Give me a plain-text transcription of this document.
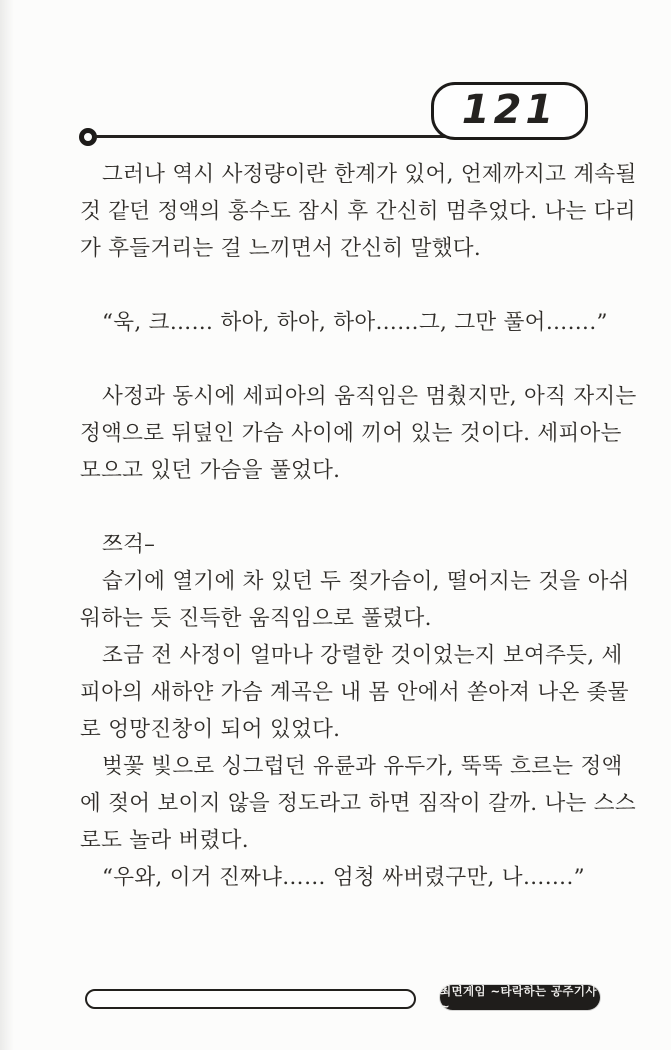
121

그러나 역시 사정량이란 한계가 있어, 언제까지고 계속될

것 같던 정액의 홍수도 잠시 후 간신히 멈추었다. 나는 다리

가 후들거리는 걸 느끼면서 간신히 말했다.

“욱, 크…… 하아, 하아, 하아……그, 그만 풀어…….”

사정과 동시에 세피아의 움직임은 멈췄지만, 아직 자지는

정액으로 뒤덮인 가슴 사이에 끼어 있는 것이다. 세피아는

모으고 있던 가슴을 풀었다.

쯔걱–

습기에 열기에 차 있던 두 젖가슴이, 떨어지는 것을 아쉬

워하는 듯 진득한 움직임으로 풀렸다.

조금 전 사정이 얼마나 강렬한 것이었는지 보여주듯, 세

피아의 새하얀 가슴 계곡은 내 몸 안에서 쏟아져 나온 좆물

로 엉망진창이 되어 있었다.

벚꽃 빛으로 싱그럽던 유륜과 유두가, 뚝뚝 흐르는 정액

에 젖어 보이지 않을 정도라고 하면 짐작이 갈까. 나는 스스

로도 놀라 버렸다.

“우와, 이거 진짜냐…… 엄청 싸버렸구만, 나…….”

최면게임 ~타락하는 공주기사~
